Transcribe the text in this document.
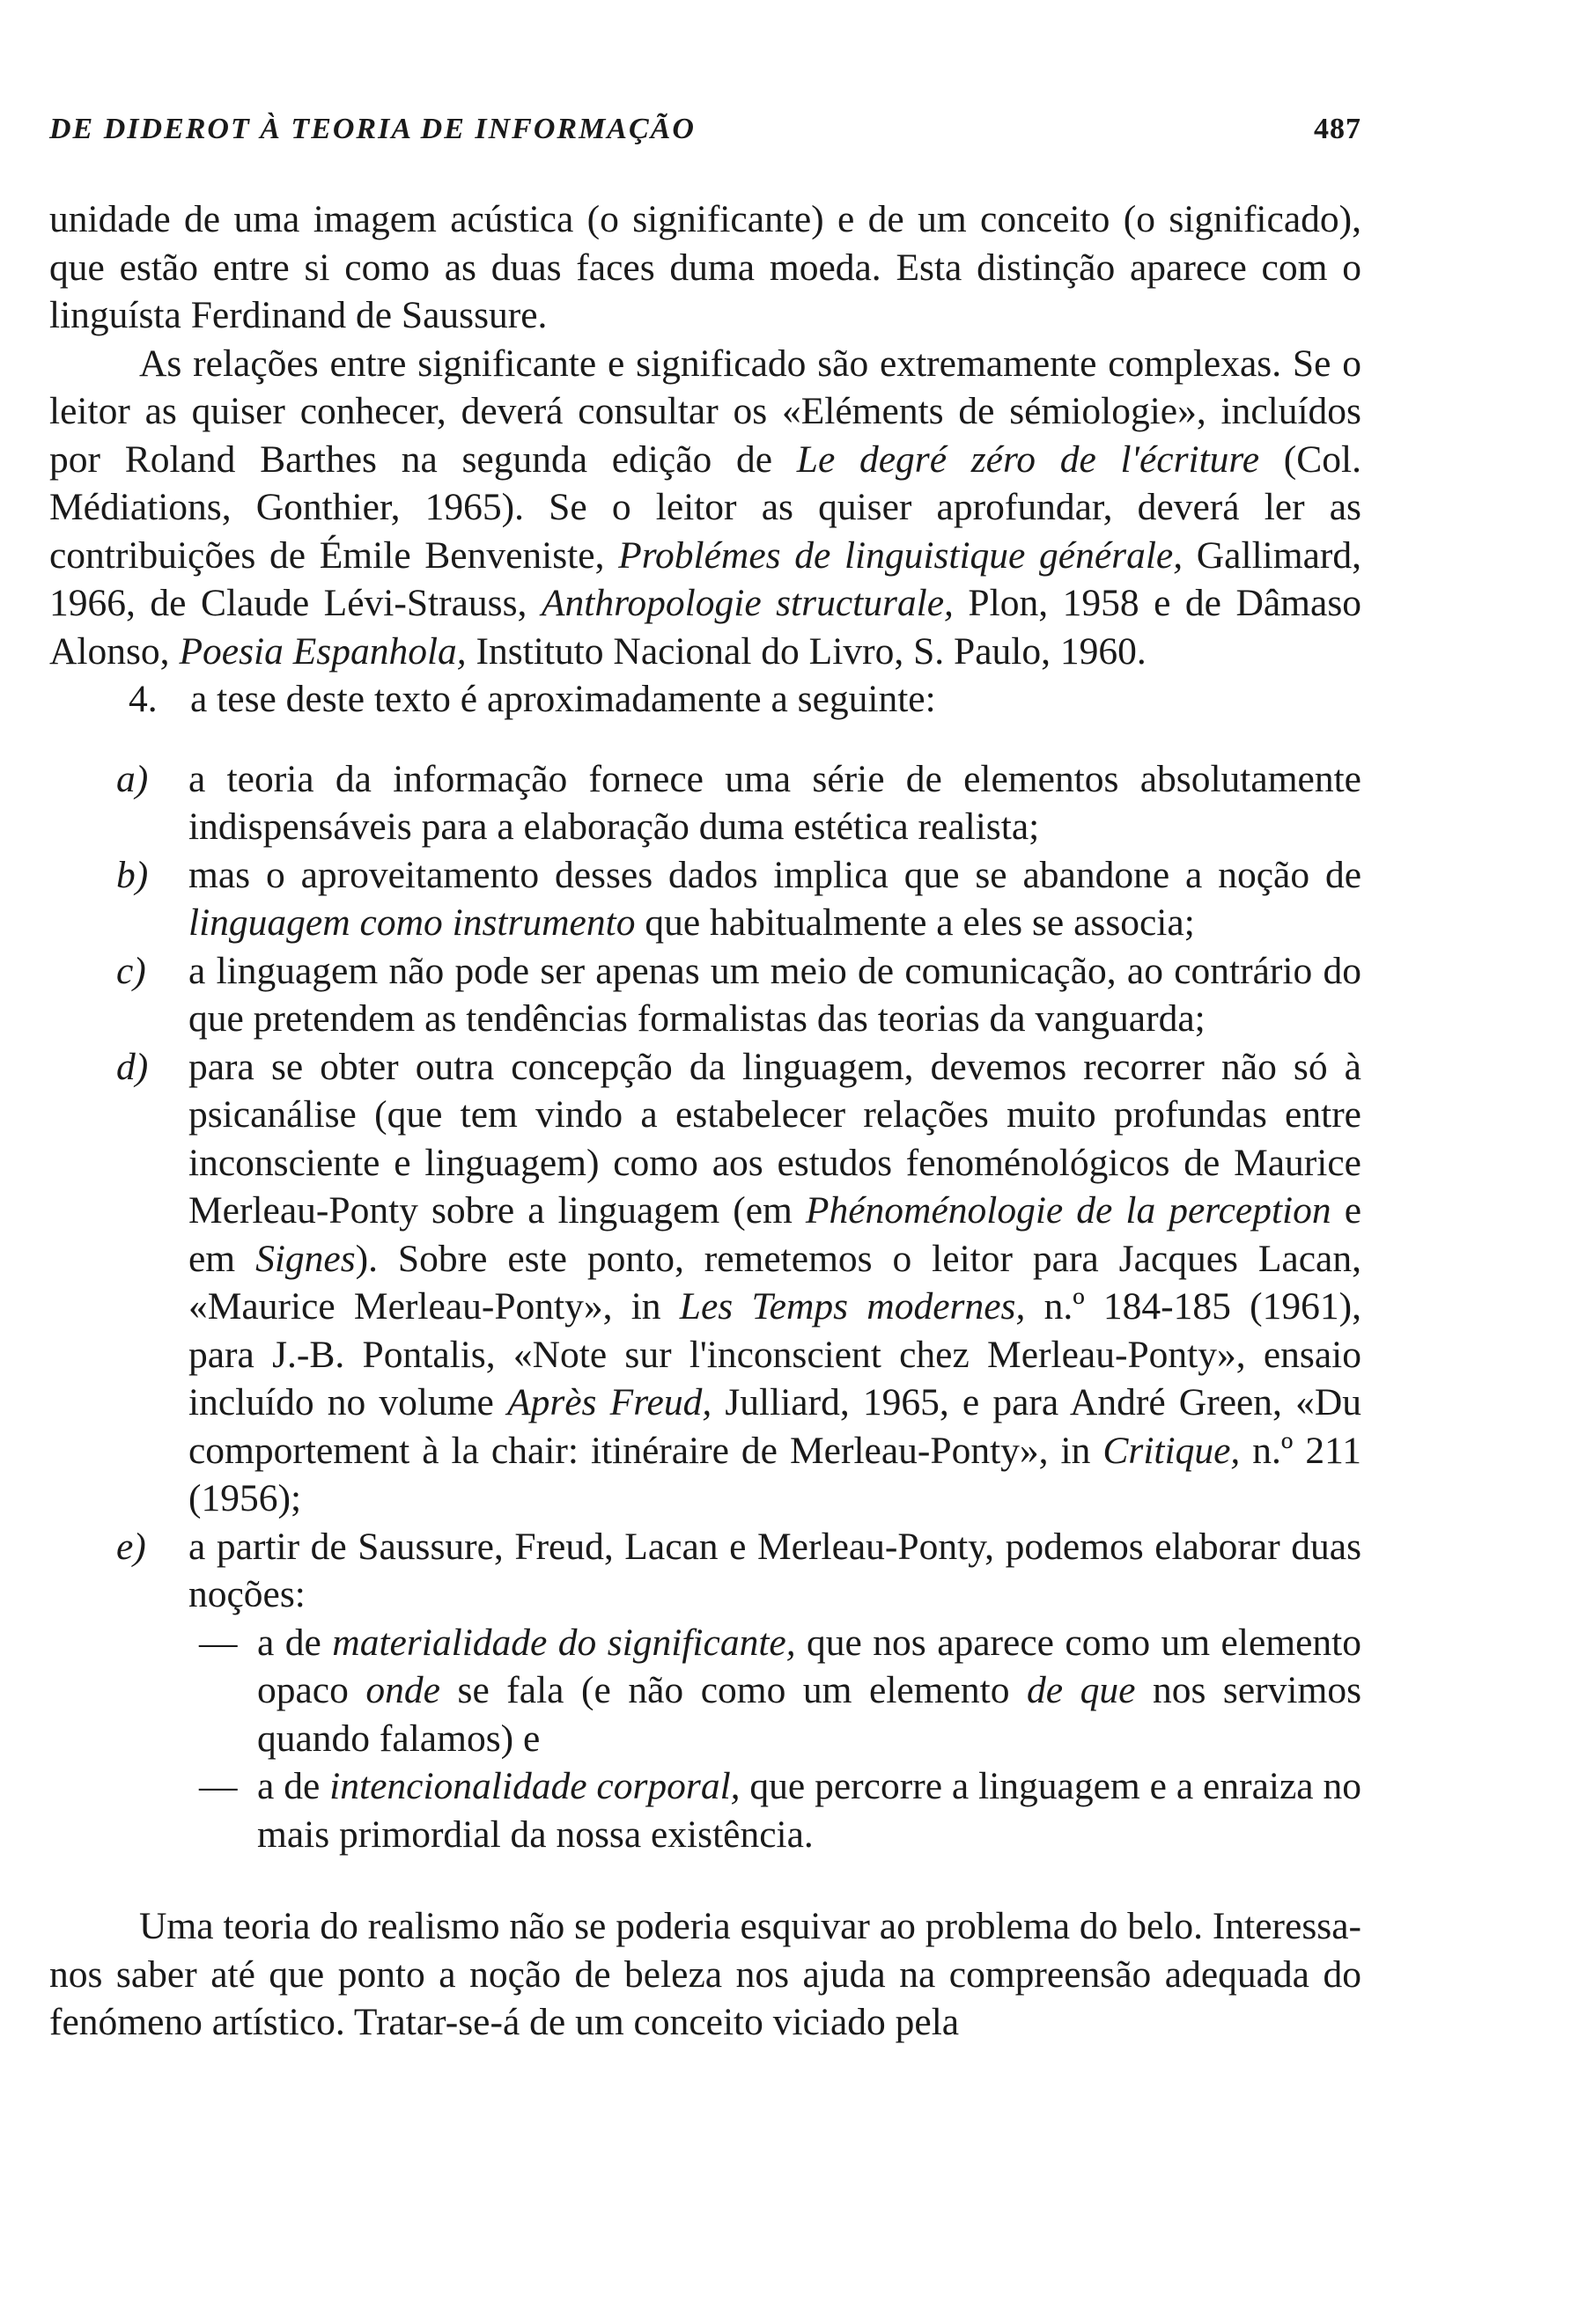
DE DIDEROT À TEORIA DE INFORMAÇÃO	487

unidade de uma imagem acústica (o significante) e de um conceito (o significado), que estão entre si como as duas faces duma moeda. Esta distinção aparece com o linguísta Ferdinand de Saussure.

As relações entre significante e significado são extremamente complexas. Se o leitor as quiser conhecer, deverá consultar os «Eléments de sémiologie», incluídos por Roland Barthes na segunda edição de Le degré zéro de l'écriture (Col. Médiations, Gonthier, 1965). Se o leitor as quiser aprofundar, deverá ler as contribuições de Émile Benveniste, Problémes de linguistique générale, Gallimard, 1966, de Claude Lévi-Strauss, Anthropologie structurale, Plon, 1958 e de Dâmaso Alonso, Poesia Espanhola, Instituto Nacional do Livro, S. Paulo, 1960.

4. a tese deste texto é aproximadamente a seguinte:

a) a teoria da informação fornece uma série de elementos absolutamente indispensáveis para a elaboração duma estética realista;

b) mas o aproveitamento desses dados implica que se abandone a noção de linguagem como instrumento que habitualmente a eles se associa;

c) a linguagem não pode ser apenas um meio de comunicação, ao contrário do que pretendem as tendências formalistas das teorias da vanguarda;

d) para se obter outra concepção da linguagem, devemos recorrer não só à psicanálise (que tem vindo a estabelecer relações muito profundas entre inconsciente e linguagem) como aos estudos fenoménológicos de Maurice Merleau-Ponty sobre a linguagem (em Phénoménologie de la perception e em Signes). Sobre este ponto, remetemos o leitor para Jacques Lacan, «Maurice Merleau-Ponty», in Les Temps modernes, n.º 184-185 (1961), para J.-B. Pontalis, «Note sur l'inconscient chez Merleau-Ponty», ensaio incluído no volume Après Freud, Julliard, 1965, e para André Green, «Du comportement à la chair: itinéraire de Merleau-Ponty», in Critique, n.º 211 (1956);

e) a partir de Saussure, Freud, Lacan e Merleau-Ponty, podemos elaborar duas noções:

— a de materialidade do significante, que nos aparece como um elemento opaco onde se fala (e não como um elemento de que nos servimos quando falamos) e

— a de intencionalidade corporal, que percorre a linguagem e a enraiza no mais primordial da nossa existência.

Uma teoria do realismo não se poderia esquivar ao problema do belo. Interessa-nos saber até que ponto a noção de beleza nos ajuda na compreensão adequada do fenómeno artístico. Tratar-se-á de um conceito viciado pela
